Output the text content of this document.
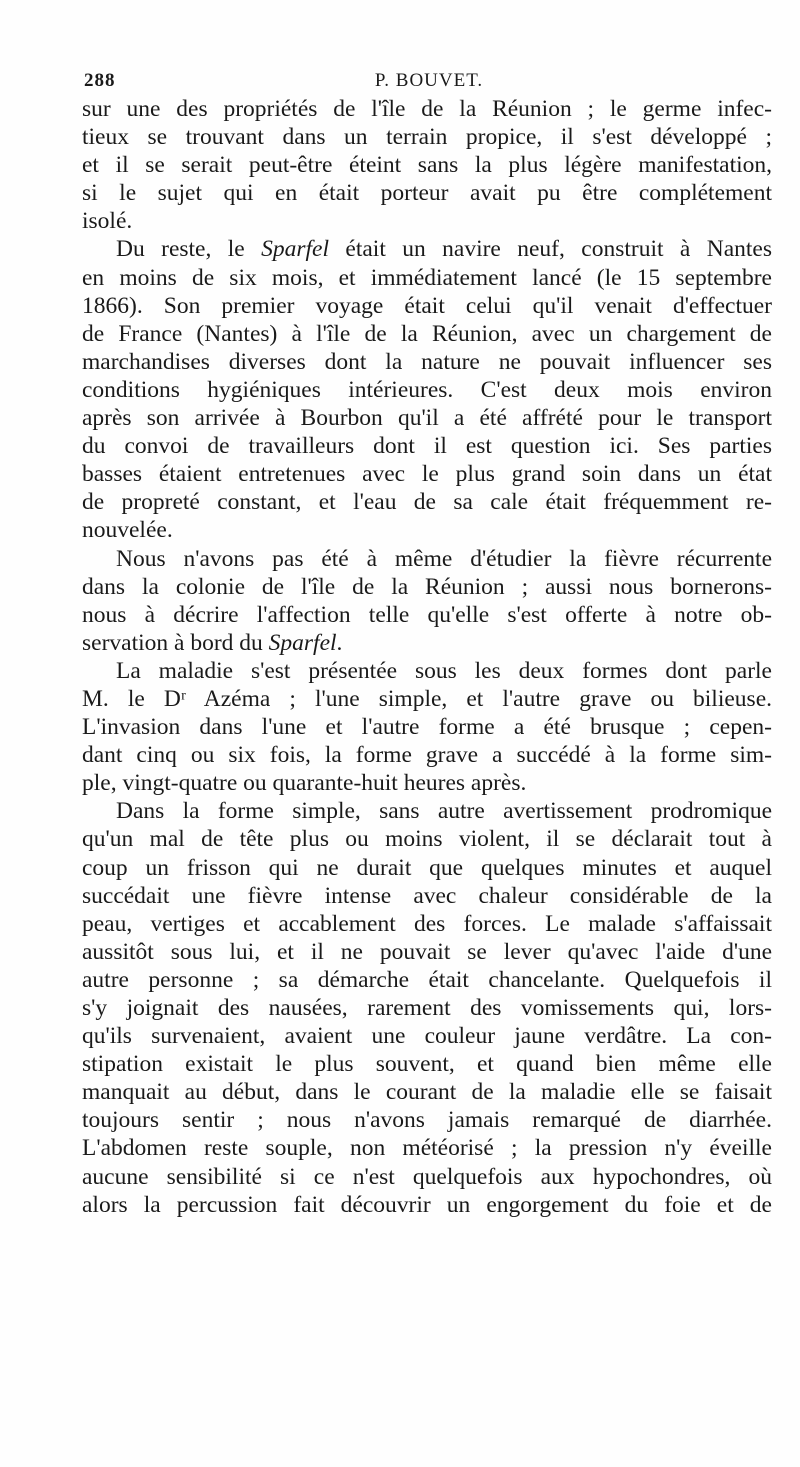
288	P. BOUVET.
sur une des propriétés de l'île de la Réunion ; le germe infec-
tieux se trouvant dans un terrain propice, il s'est développé ;
et il se serait peut-être éteint sans la plus légère manifestation,
si le sujet qui en était porteur avait pu être complétement
isolé.
Du reste, le Sparfel était un navire neuf, construit à Nantes
en moins de six mois, et immédiatement lancé (le 15 septembre
1866). Son premier voyage était celui qu'il venait d'effectuer
de France (Nantes) à l'île de la Réunion, avec un chargement de
marchandises diverses dont la nature ne pouvait influencer ses
conditions hygiéniques intérieures. C'est deux mois environ
après son arrivée à Bourbon qu'il a été affrété pour le transport
du convoi de travailleurs dont il est question ici. Ses parties
basses étaient entretenues avec le plus grand soin dans un état
de propreté constant, et l'eau de sa cale était fréquemment re-
nouvelée.
Nous n'avons pas été à même d'étudier la fièvre récurrente
dans la colonie de l'île de la Réunion ; aussi nous bornerons-
nous à décrire l'affection telle qu'elle s'est offerte à notre ob-
servation à bord du Sparfel.
La maladie s'est présentée sous les deux formes dont parle
M. le Dʳ Azéma ; l'une simple, et l'autre grave ou bilieuse.
L'invasion dans l'une et l'autre forme a été brusque ; cepen-
dant cinq ou six fois, la forme grave a succédé à la forme sim-
ple, vingt-quatre ou quarante-huit heures après.
Dans la forme simple, sans autre avertissement prodromique
qu'un mal de tête plus ou moins violent, il se déclarait tout à
coup un frisson qui ne durait que quelques minutes et auquel
succédait une fièvre intense avec chaleur considérable de la
peau, vertiges et accablement des forces. Le malade s'affaissait
aussitôt sous lui, et il ne pouvait se lever qu'avec l'aide d'une
autre personne ; sa démarche était chancelante. Quelquefois il
s'y joignait des nausées, rarement des vomissements qui, lors-
qu'ils survenaient, avaient une couleur jaune verdâtre. La con-
stipation existait le plus souvent, et quand bien même elle
manquait au début, dans le courant de la maladie elle se faisait
toujours sentir ; nous n'avons jamais remarqué de diarrhée.
L'abdomen reste souple, non météorisé ; la pression n'y éveille
aucune sensibilité si ce n'est quelquefois aux hypochondres, où
alors la percussion fait découvrir un engorgement du foie et de
